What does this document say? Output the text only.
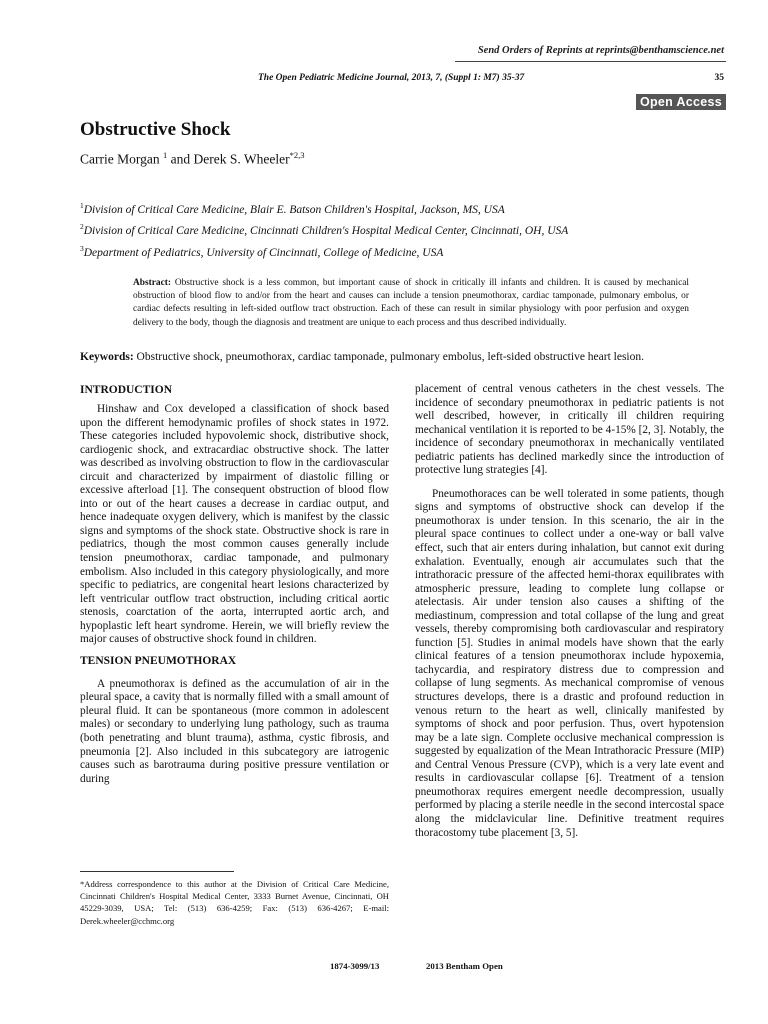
Send Orders of Reprints at reprints@benthamscience.net
The Open Pediatric Medicine Journal, 2013, 7, (Suppl 1: M7) 35-37	35
Open Access
Obstructive Shock
Carrie Morgan $^1$ and Derek S. Wheeler$^{*2,3}$
$^1$Division of Critical Care Medicine, Blair E. Batson Children's Hospital, Jackson, MS, USA
$^2$Division of Critical Care Medicine, Cincinnati Children's Hospital Medical Center, Cincinnati, OH, USA
$^3$Department of Pediatrics, University of Cincinnati, College of Medicine, USA
Abstract: Obstructive shock is a less common, but important cause of shock in critically ill infants and children. It is caused by mechanical obstruction of blood flow to and/or from the heart and causes can include a tension pneumothorax, cardiac tamponade, pulmonary embolus, or cardiac defects resulting in left-sided outflow tract obstruction. Each of these can result in similar physiology with poor perfusion and oxygen delivery to the body, though the diagnosis and treatment are unique to each process and thus described individually.
Keywords: Obstructive shock, pneumothorax, cardiac tamponade, pulmonary embolus, left-sided obstructive heart lesion.
INTRODUCTION

Hinshaw and Cox developed a classification of shock based upon the different hemodynamic profiles of shock states in 1972. These categories included hypovolemic shock, distributive shock, cardiogenic shock, and extracardiac obstructive shock. The latter was described as involving obstruction to flow in the cardiovascular circuit and characterized by impairment of diastolic filling or excessive afterload [1]. The consequent obstruction of blood flow into or out of the heart causes a decrease in cardiac output, and hence inadequate oxygen delivery, which is manifest by the classic signs and symptoms of the shock state. Obstructive shock is rare in pediatrics, though the most common causes generally include tension pneumothorax, cardiac tamponade, and pulmonary embolism. Also included in this category physiologically, and more specific to pediatrics, are congenital heart lesions characterized by left ventricular outflow tract obstruction, including critical aortic stenosis, coarctation of the aorta, interrupted aortic arch, and hypoplastic left heart syndrome. Herein, we will briefly review the major causes of obstructive shock found in children.

TENSION PNEUMOTHORAX

A pneumothorax is defined as the accumulation of air in the pleural space, a cavity that is normally filled with a small amount of pleural fluid. It can be spontaneous (more common in adolescent males) or secondary to underlying lung pathology, such as trauma (both penetrating and blunt trauma), asthma, cystic fibrosis, and pneumonia [2]. Also included in this subcategory are iatrogenic causes such as barotrauma during positive pressure ventilation or during

placement of central venous catheters in the chest vessels. The incidence of secondary pneumothorax in pediatric patients is not well described, however, in critically ill children requiring mechanical ventilation it is reported to be 4-15% [2, 3]. Notably, the incidence of secondary pneumothorax in mechanically ventilated pediatric patients has declined markedly since the introduction of protective lung strategies [4].

Pneumothoraces can be well tolerated in some patients, though signs and symptoms of obstructive shock can develop if the pneumothorax is under tension. In this scenario, the air in the pleural space continues to collect under a one-way or ball valve effect, such that air enters during inhalation, but cannot exit during exhalation. Eventually, enough air accumulates such that the intrathoracic pressure of the affected hemi-thorax equilibrates with atmospheric pressure, leading to complete lung collapse or atelectasis. Air under tension also causes a shifting of the mediastinum, compression and total collapse of the lung and great vessels, thereby compromising both cardiovascular and respiratory function [5]. Studies in animal models have shown that the early clinical features of a tension pneumothorax include hypoxemia, tachycardia, and respiratory distress due to compression and collapse of lung segments. As mechanical compromise of venous structures develops, there is a drastic and profound reduction in venous return to the heart as well, clinically manifested by symptoms of shock and poor perfusion. Thus, overt hypotension may be a late sign. Complete occlusive mechanical compression is suggested by equalization of the Mean Intrathoracic Pressure (MIP) and Central Venous Pressure (CVP), which is a very late event and results in cardiovascular collapse [6]. Treatment of a tension pneumothorax requires emergent needle decompression, usually performed by placing a sterile needle in the second intercostal space along the midclavicular line. Definitive treatment requires thoracostomy tube placement [3, 5].

*Address correspondence to this author at the Division of Critical Care Medicine, Cincinnati Children's Hospital Medical Center, 3333 Burnet Avenue, Cincinnati, OH 45229-3039, USA; Tel: (513) 636-4259; Fax: (513) 636-4267; E-mail: Derek.wheeler@cchmc.org
1874-3099/13	2013 Bentham Open
